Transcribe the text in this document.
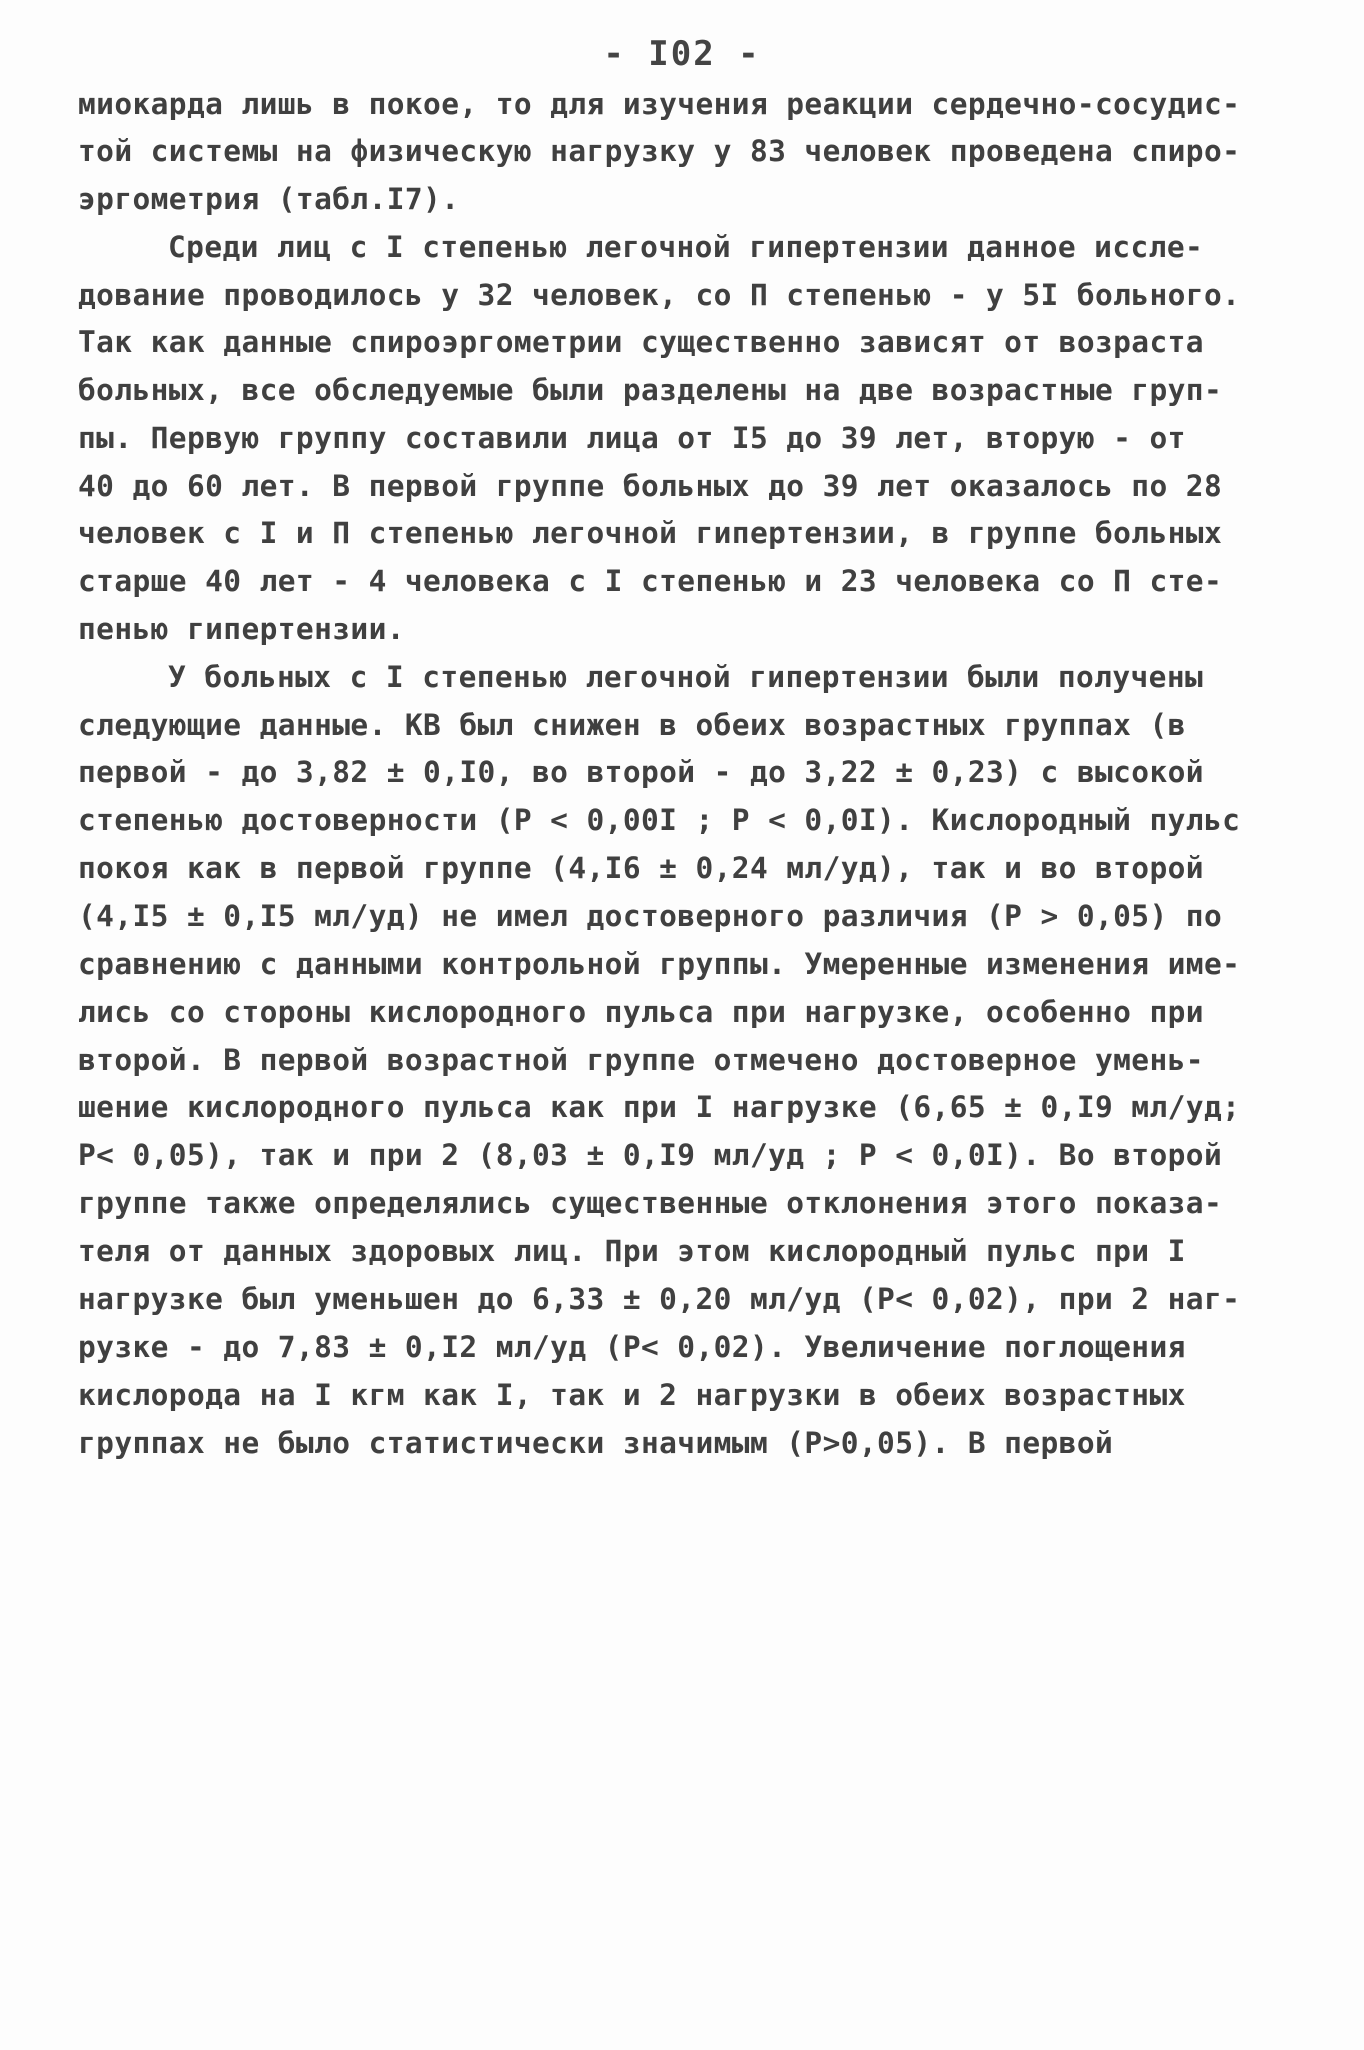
- I02 -
миокарда лишь в покое, то для изучения реакции сердечно-сосудис-
той системы на физическую нагрузку у 83 человек проведена спиро-
эргометрия (табл.I7).
Среди лиц с I степенью легочной гипертензии данное иссле-
дование проводилось у 32 человек, со П степенью - у 5I больного.
Так как данные спироэргометрии существенно зависят от возраста
больных, все обследуемые были разделены на две возрастные груп-
пы. Первую группу составили лица от I5 до 39 лет, вторую - от
40 до 60 лет. В первой группе больных до 39 лет оказалось по 28
человек с I и П степенью легочной гипертензии, в группе больных
старше 40 лет - 4 человека с I степенью и 23 человека со П сте-
пенью гипертензии.
У больных с I степенью легочной гипертензии были получены
следующие данные. КВ был снижен в обеих возрастных группах (в
первой - до 3,82 ± 0,I0, во второй - до 3,22 ± 0,23) с высокой
степенью достоверности (Р < 0,00I ; Р < 0,0I). Кислородный пульс
покоя как в первой группе (4,I6 ± 0,24 мл/уд), так и во второй
(4,I5 ± 0,I5 мл/уд) не имел достоверного различия (Р > 0,05) по
сравнению с данными контрольной группы. Умеренные изменения име-
лись со стороны кислородного пульса при нагрузке, особенно при
второй. В первой возрастной группе отмечено достоверное умень-
шение кислородного пульса как при I нагрузке (6,65 ± 0,I9 мл/уд;
Р< 0,05), так и при 2 (8,03 ± 0,I9 мл/уд ; Р < 0,0I). Во второй
группе также определялись существенные отклонения этого показа-
теля от данных здоровых лиц. При этом кислородный пульс при I
нагрузке был уменьшен до 6,33 ± 0,20 мл/уд (Р< 0,02), при 2 наг-
рузке - до 7,83 ± 0,I2 мл/уд (Р< 0,02). Увеличение поглощения
кислорода на I кгм как I, так и 2 нагрузки в обеих возрастных
группах не было статистически значимым (Р>0,05). В первой
